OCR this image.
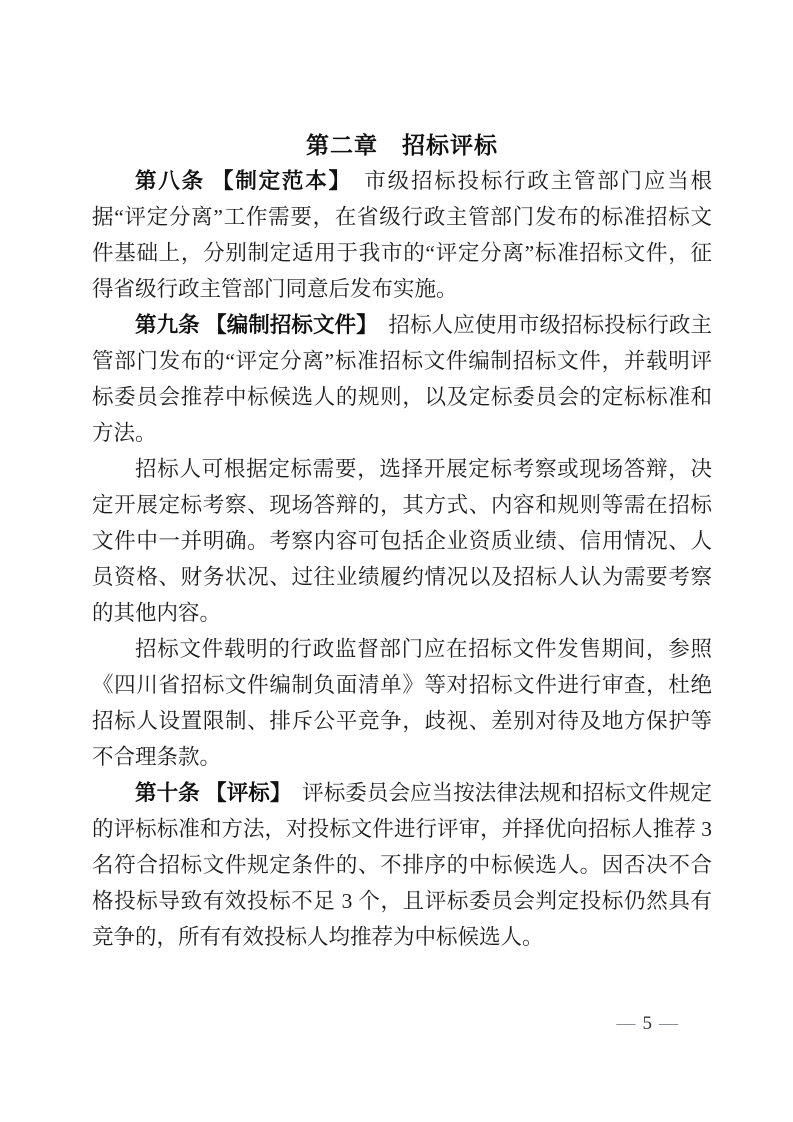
第二章　招标评标

第八条 【制定范本】　市级招标投标行政主管部门应当根据“评定分离”工作需要，在省级行政主管部门发布的标准招标文件基础上，分别制定适用于我市的“评定分离”标准招标文件，征得省级行政主管部门同意后发布实施。

第九条 【编制招标文件】　招标人应使用市级招标投标行政主管部门发布的“评定分离”标准招标文件编制招标文件，并载明评标委员会推荐中标候选人的规则，以及定标委员会的定标标准和方法。

招标人可根据定标需要，选择开展定标考察或现场答辩，决定开展定标考察、现场答辩的，其方式、内容和规则等需在招标文件中一并明确。考察内容可包括企业资质业绩、信用情况、人员资格、财务状况、过往业绩履约情况以及招标人认为需要考察的其他内容。

招标文件载明的行政监督部门应在招标文件发售期间，参照《四川省招标文件编制负面清单》等对招标文件进行审查，杜绝招标人设置限制、排斥公平竞争，歧视、差别对待及地方保护等不合理条款。

第十条 【评标】　评标委员会应当按法律法规和招标文件规定的评标标准和方法，对投标文件进行评审，并择优向招标人推荐 3 名符合招标文件规定条件的、不排序的中标候选人。因否决不合格投标导致有效投标不足 3 个，且评标委员会判定投标仍然具有竞争的，所有有效投标人均推荐为中标候选人。

— 5 —
